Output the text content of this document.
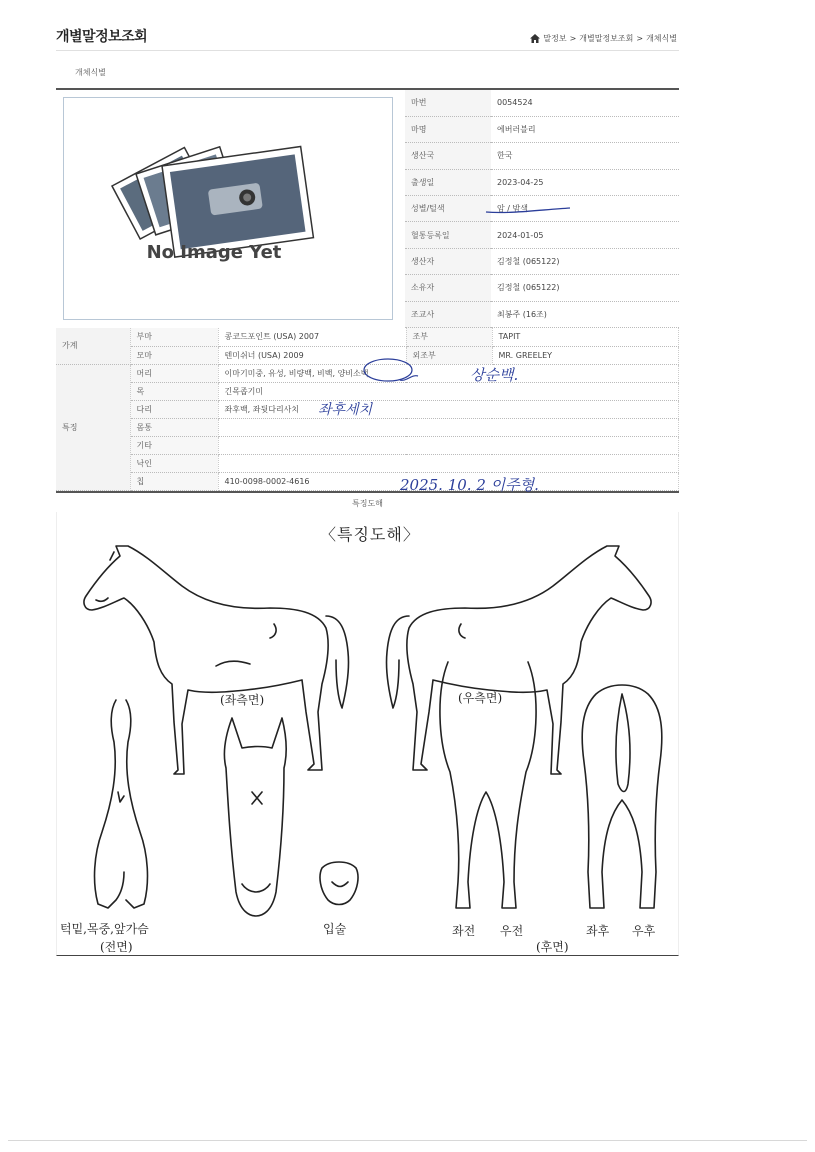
개별말정보조회	말정보 > 개별말정보조회 > 개체식별
개체식별
No Image Yet
마번	0054524
마명	에버러블리
생산국	한국
출생일	2023-04-25
성별/털색	암 / 밤색
혈통등록일	2024-01-05
생산자	김정철 (065122)
소유자	김정철 (065122)
조교사	최봉주 (16조)
가계	부마	콩코드포인트 (USA) 2007	조부	TAPIT
	모마	텐미쉬너 (USA) 2009	외조부	MR. GREELEY
특징	머리	이마기미중, 유성, 비량백, 비백, 양비소백		
	목	긴목좁기미		
	다리	좌후백, 좌뒷다리사치		
	몸통			
	기타			
	낙인			
	칩	410-0098-0002-4616		
상순백.
좌후세치
2025. 10. 2 이주형.
특징도해
〈특징도해〉
(좌측면)	(우측면)
턱밑,목중,앞가슴
(전면)
입술	좌전 우전
(후면)
좌후 우후
